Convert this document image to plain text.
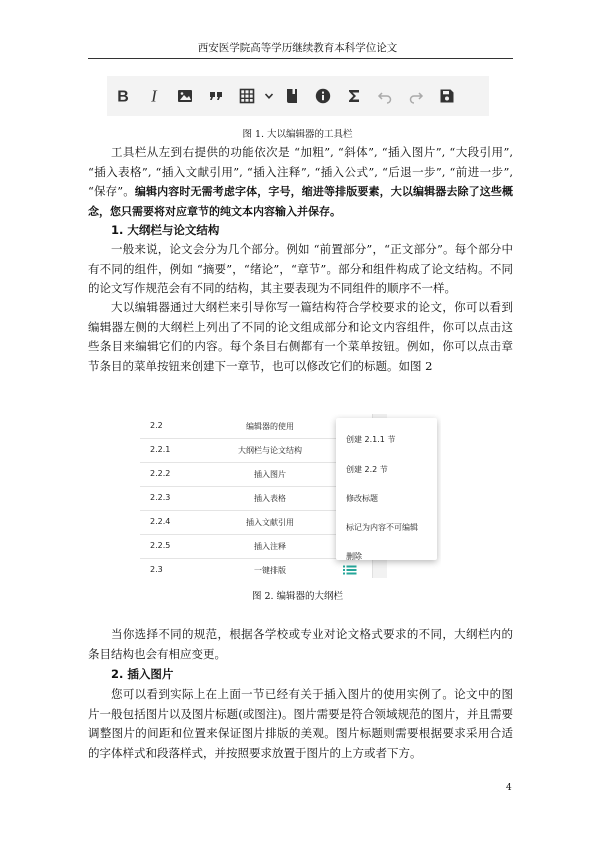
西安医学院高等学历继续教育本科学位论文
B I
图 1. 大以编辑器的工具栏

工具栏从左到右提供的功能依次是 “加粗”, “斜体”, “插入图片”, “大段引用”, “插入表格”, “插入文献引用”, “插入注释”, “插入公式”, “后退一步”, “前进一步”, “保存”。编辑内容时无需考虑字体，字号，缩进等排版要素，大以编辑器去除了这些概念，您只需要将对应章节的纯文本内容输入并保存。

1. 大纲栏与论文结构

一般来说，论文会分为几个部分。例如 “前置部分”，“正文部分”。每个部分中有不同的组件，例如 “摘要”，“绪论”，“章节”。部分和组件构成了论文结构。不同的论文写作规范会有不同的结构，其主要表现为不同组件的顺序不一样。

大以编辑器通过大纲栏来引导你写一篇结构符合学校要求的论文，你可以看到编辑器左侧的大纲栏上列出了不同的论文组成部分和论文内容组件，你可以点击这些条目来编辑它们的内容。每个条目右侧都有一个菜单按钮。例如，你可以点击章节条目的菜单按钮来创建下一章节，也可以修改它们的标题。如图 2

2.2	编辑器的使用
2.2.1	大纲栏与论文结构
2.2.2	插入图片
2.2.3	插入表格
2.2.4	插入文献引用
2.2.5	插入注释
2.3	一键排版
创建 2.1.1 节
创建 2.2 节
修改标题
标记为内容不可编辑
删除
图 2. 编辑器的大纲栏

当你选择不同的规范，根据各学校或专业对论文格式要求的不同，大纲栏内的条目结构也会有相应变更。

2. 插入图片

您可以看到实际上在上面一节已经有关于插入图片的使用实例了。论文中的图片一般包括图片以及图片标题(或图注)。图片需要是符合领域规范的图片，并且需要调整图片的间距和位置来保证图片排版的美观。图片标题则需要根据要求采用合适的字体样式和段落样式，并按照要求放置于图片的上方或者下方。

4
